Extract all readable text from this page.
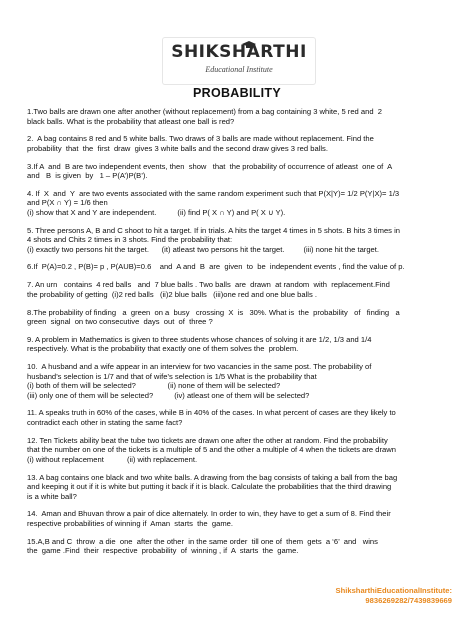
SHIKSHARTHI
Educational Institute
PROBABILITY
1.Two balls are drawn one after another (without replacement) from a bag containing 3 white, 5 red and  2
black balls. What is the probability that atleast one ball is red?
2.  A bag contains 8 red and 5 white balls. Two draws of 3 balls are made without replacement. Find the
probability  that  the  first  draw  gives 3 white balls and the second draw gives 3 red balls.
3.If A  and  B are two independent events, then  show   that  the probability of occurrence of atleast  one of  A
and   B  is given  by   1 – P(A’)P(B’).
4. If  X  and  Y  are two events associated with the same random experiment such that P(X|Y)= 1/2 P(Y|X)= 1/3
and P(X ∩ Y) = 1/6 then
(i) show that X and Y are independent.          (ii) find P( X ∩ Y) and P( X ∪ Y).
5. Three persons A, B and C shoot to hit a target. If in trials. A hits the target 4 times in 5 shots. B hits 3 times in
4 shots and Chits 2 times in 3 shots. Find the probability that:
(i) exactly two persons hit the target.      (it) atleast two persons hit the target.         (iii) none hit the target.
6.If  P(A)=0.2 , P(B)= p , P(AUB)=0.6    and  A and  B  are  given  to  be  independent events , find the value of p.
7. An urn   contains  4 red balls   and  7 blue balls . Two balls  are  drawn  at random  with  replacement.Find
the probability of getting  (i)2 red balls   (ii)2 blue balls   (iii)one red and one blue balls .
8.The probability of finding   a  green  on a  busy   crossing  X  is   30%. What is  the  probability   of   finding   a
green  signal  on two consecutive  days  out  of  three ?
9. A problem in Mathematics is given to three students whose chances of solving it are 1/2, 1/3 and 1/4
respectively. What is the probability that exactly one of them solves the  problem.
10.  A husband and a wife appear in an interview for two vacancies in the same post. The probability of
husband’s selection is 1/7 and that of wife’s selection is 1/5 What is the probability that
(i) both of them will be selected?               (ii) none of them will be selected?
(iii) only one of them will be selected?          (iv) atleast one of them will be selected?
11. A speaks truth in 60% of the cases, while B in 40% of the cases. In what percent of cases are they likely to
contradict each other in stating the same fact?
12. Ten Tickets ability beat the tube two tickets are drawn one after the other at random. Find the probability
that the number on one of the tickets is a multiple of 5 and the other a multiple of 4 when the tickets are drawn
(i) without replacement           (ii) with replacement.
13. A bag contains one black and two white balls. A drawing from the bag consists of taking a ball from the bag
and keeping it out if it is white but putting it back if it is black. Calculate the probabilities that the third drawing
is a white ball?
14.  Aman and Bhuvan throw a pair of dice alternately. In order to win, they have to get a sum of 8. Find their
respective probabilities of winning if  Aman  starts  the  game.
15.A,B and C  throw  a die  one  after the other  in the same order  till one of  them  gets  a ‘6’  and   wins
the  game .Find  their  respective  probability  of  winning , if  A  starts  the  game.
ShiksharthiEducationalInstitute:
9836269282/7439839669
